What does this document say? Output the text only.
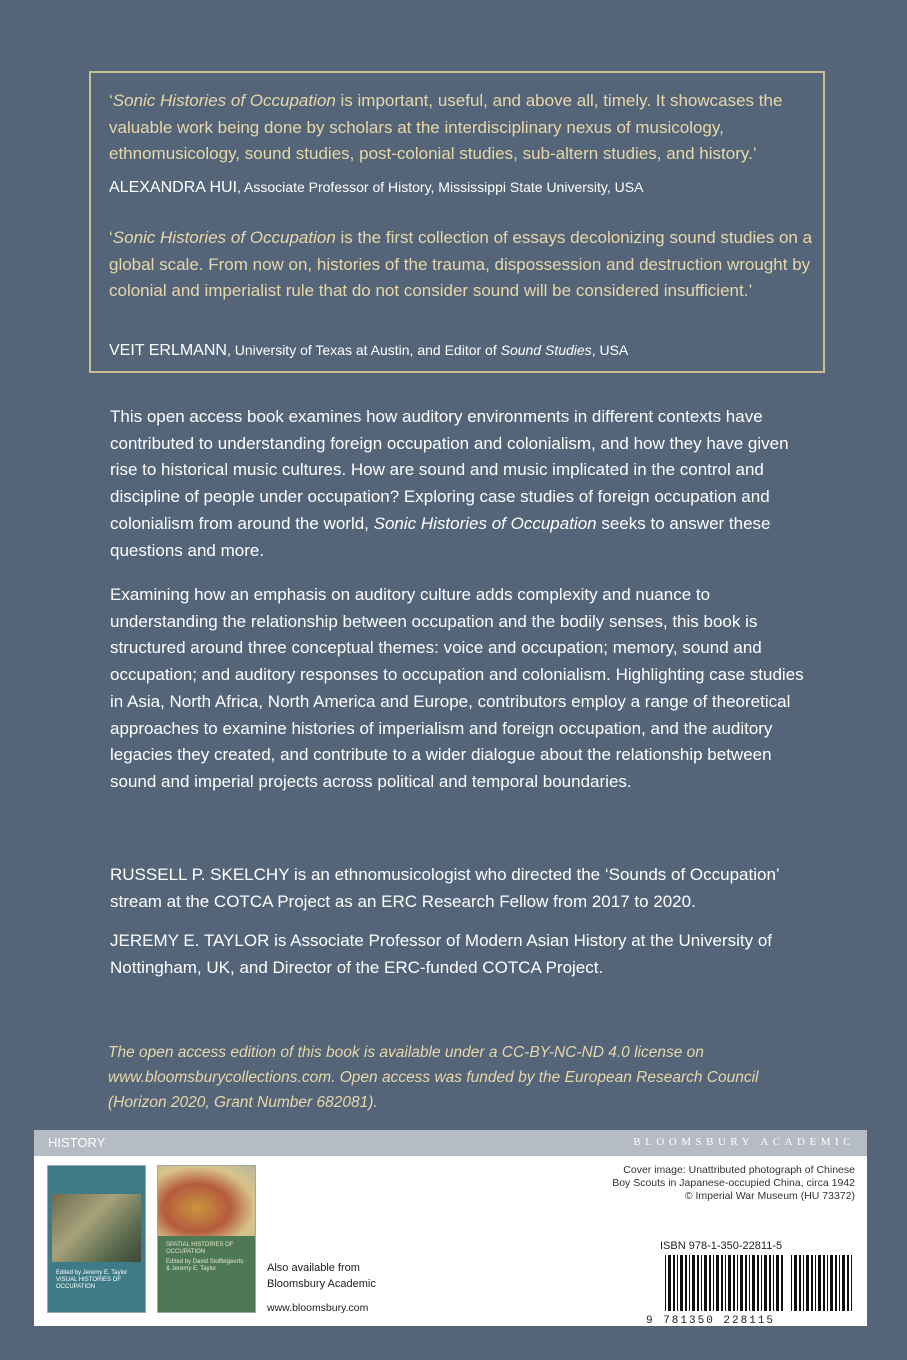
‘Sonic Histories of Occupation is important, useful, and above all, timely. It showcases the valuable work being done by scholars at the interdisciplinary nexus of musicology, ethnomusicology, sound studies, post-colonial studies, sub-altern studies, and history.’
ALEXANDRA HUI, Associate Professor of History, Mississippi State University, USA
‘Sonic Histories of Occupation is the first collection of essays decolonizing sound studies on a global scale. From now on, histories of the trauma, dispossession and destruction wrought by colonial and imperialist rule that do not consider sound will be considered insufficient.’
VEIT ERLMANN, University of Texas at Austin, and Editor of Sound Studies, USA
This open access book examines how auditory environments in different contexts have contributed to understanding foreign occupation and colonialism, and how they have given rise to historical music cultures. How are sound and music implicated in the control and discipline of people under occupation? Exploring case studies of foreign occupation and colonialism from around the world, Sonic Histories of Occupation seeks to answer these questions and more.
Examining how an emphasis on auditory culture adds complexity and nuance to understanding the relationship between occupation and the bodily senses, this book is structured around three conceptual themes: voice and occupation; memory, sound and occupation; and auditory responses to occupation and colonialism. Highlighting case studies in Asia, North Africa, North America and Europe, contributors employ a range of theoretical approaches to examine histories of imperialism and foreign occupation, and the auditory legacies they created, and contribute to a wider dialogue about the relationship between sound and imperial projects across political and temporal boundaries.
RUSSELL P. SKELCHY is an ethnomusicologist who directed the ‘Sounds of Occupation’ stream at the COTCA Project as an ERC Research Fellow from 2017 to 2020.
JEREMY E. TAYLOR is Associate Professor of Modern Asian History at the University of Nottingham, UK, and Director of the ERC-funded COTCA Project.
The open access edition of this book is available under a CC-BY-NC-ND 4.0 license on www.bloomsburycollections.com. Open access was funded by the European Research Council (Horizon 2020, Grant Number 682081).
HISTORY	BLOOMSBURY ACADEMIC
Edited by Jeremy E. Taylor
VISUAL HISTORIES OF OCCUPATION
SPATIAL HISTORIES OF OCCUPATION
Edited by David Stoffelgeerts & Jeremy E. Taylor	Also available from Bloomsbury Academic
www.bloomsbury.com
Cover image: Unattributed photograph of Chinese
Boy Scouts in Japanese-occupied China, circa 1942
© Imperial War Museum (HU 73372)
ISBN 978-1-350-22811-5
9 781350 228115
